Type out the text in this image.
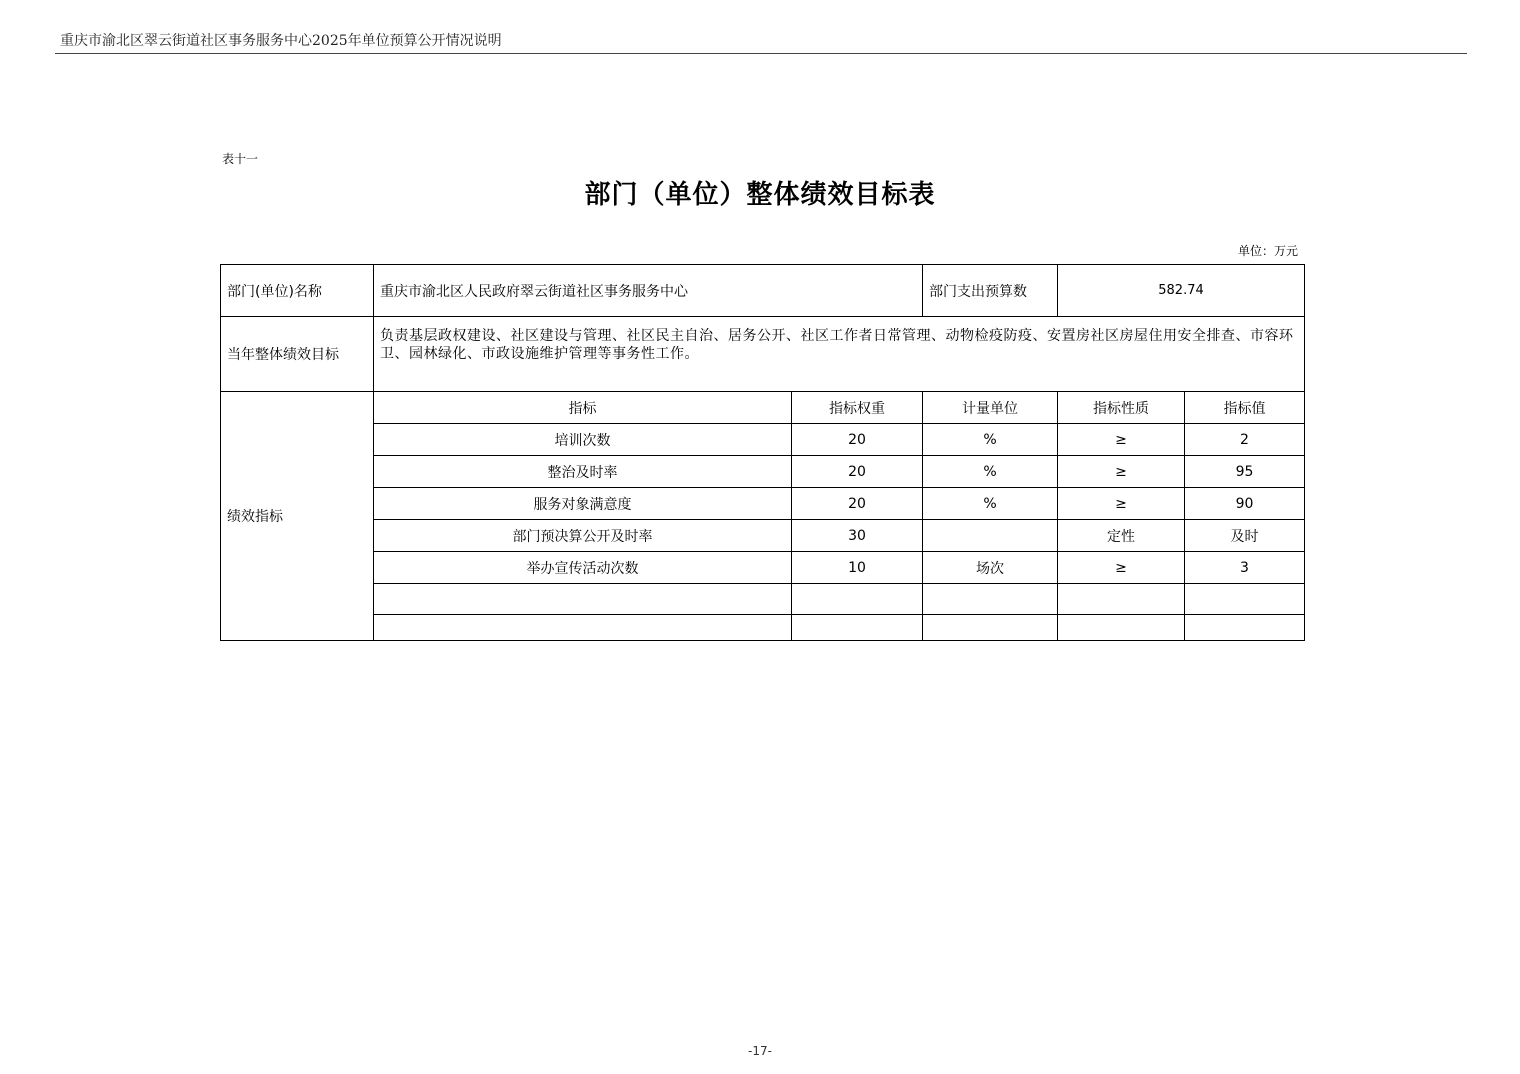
重庆市渝北区翠云街道社区事务服务中心2025年单位预算公开情况说明
表十一
部门（单位）整体绩效目标表
单位：万元
部门(单位)名称	重庆市渝北区人民政府翠云街道社区事务服务中心		部门支出预算数	582.74	
当年整体绩效目标	负责基层政权建设、社区建设与管理、社区民主自治、居务公开、社区工作者日常管理、动物检疫防疫、安置房社区房屋住用安全排查、市容环卫、园林绿化、市政设施维护管理等事务性工作。				
绩效指标	指标	指标权重	计量单位	指标性质	指标值
	培训次数	20	%	≥	2
	整治及时率	20	%	≥	95
	服务对象满意度	20	%	≥	90
	部门预决算公开及时率	30		定性	及时
	举办宣传活动次数	10	场次	≥	3

-17-
